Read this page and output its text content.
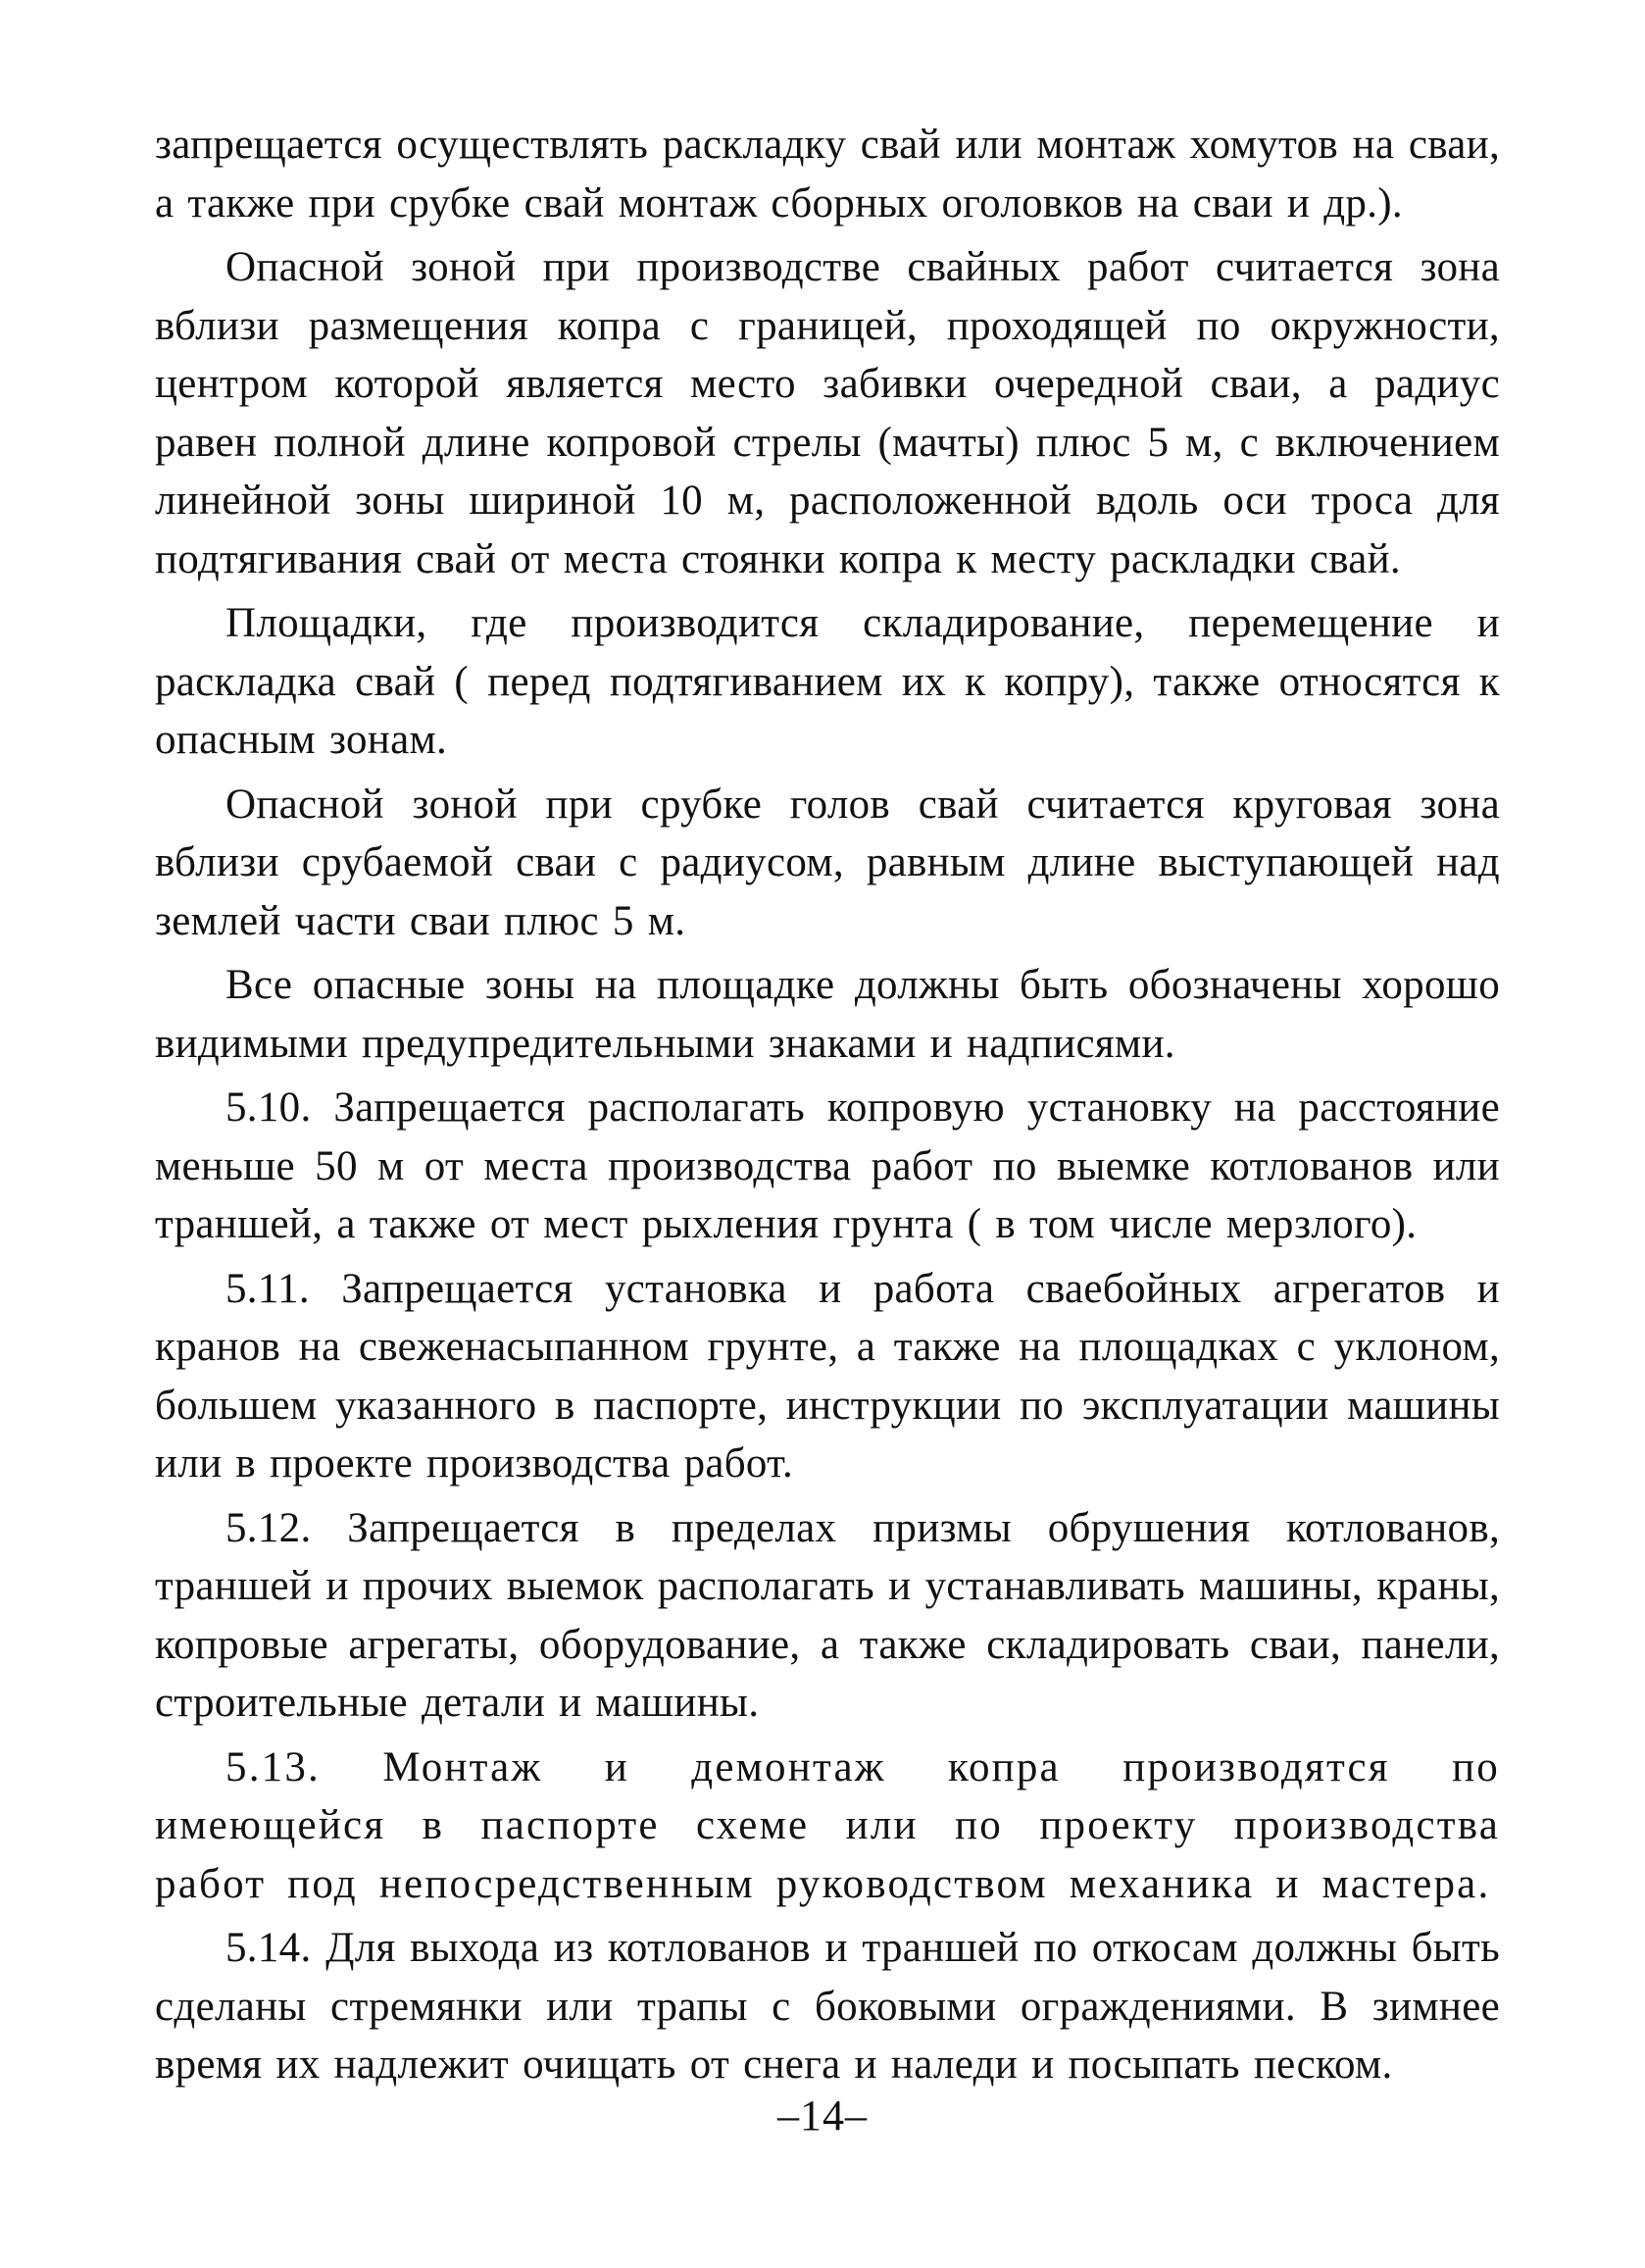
запрещается осуществлять раскладку свай или монтаж хомутов на сваи, а также при срубке свай монтаж сборных оголовков на сваи и др.).

Опасной зоной при производстве свайных работ считается зона вблизи размещения копра с границей, проходящей по окружности, центром которой является место забивки очередной сваи, а радиус равен полной длине копровой стрелы (мачты) плюс 5 м, с включением линейной зоны шириной 10 м, расположенной вдоль оси троса для подтягивания свай от места стоянки копра к месту раскладки свай.

Площадки, где производится складирование, перемещение и раскладка свай ( перед подтягиванием их к копру), также относятся к опасным зонам.

Опасной зоной при срубке голов свай считается круговая зона вблизи срубаемой сваи с радиусом, равным длине выступающей над землей части сваи плюс 5 м.

Все опасные зоны на площадке должны быть обозначены хорошо видимыми предупредительными знаками и надписями.

5.10. Запрещается располагать копровую установку на расстояние меньше 50 м от места производства работ по выемке котлованов или траншей, а также от мест рыхления грунта ( в том числе мерзлого).

5.11. Запрещается установка и работа сваебойных агрегатов и кранов на свеженасыпанном грунте, а также на площадках с уклоном, большем указанного в паспорте, инструкции по эксплуатации машины или в проекте производства работ.

5.12. Запрещается в пределах призмы обрушения котлованов, траншей и прочих выемок располагать и устанавливать машины, краны, копровые агрегаты, оборудование, а также складировать сваи, панели, строительные детали и машины.

5.13. Монтаж и демонтаж копра производятся по имеющейся в паспорте схеме или по проекту производства работ под непосредственным руководством механика и мастера.

5.14. Для выхода из котлованов и траншей по откосам должны быть сделаны стремянки или трапы с боковыми ограждениями. В зимнее время их надлежит очищать от снега и наледи и посыпать песком.

–14–
